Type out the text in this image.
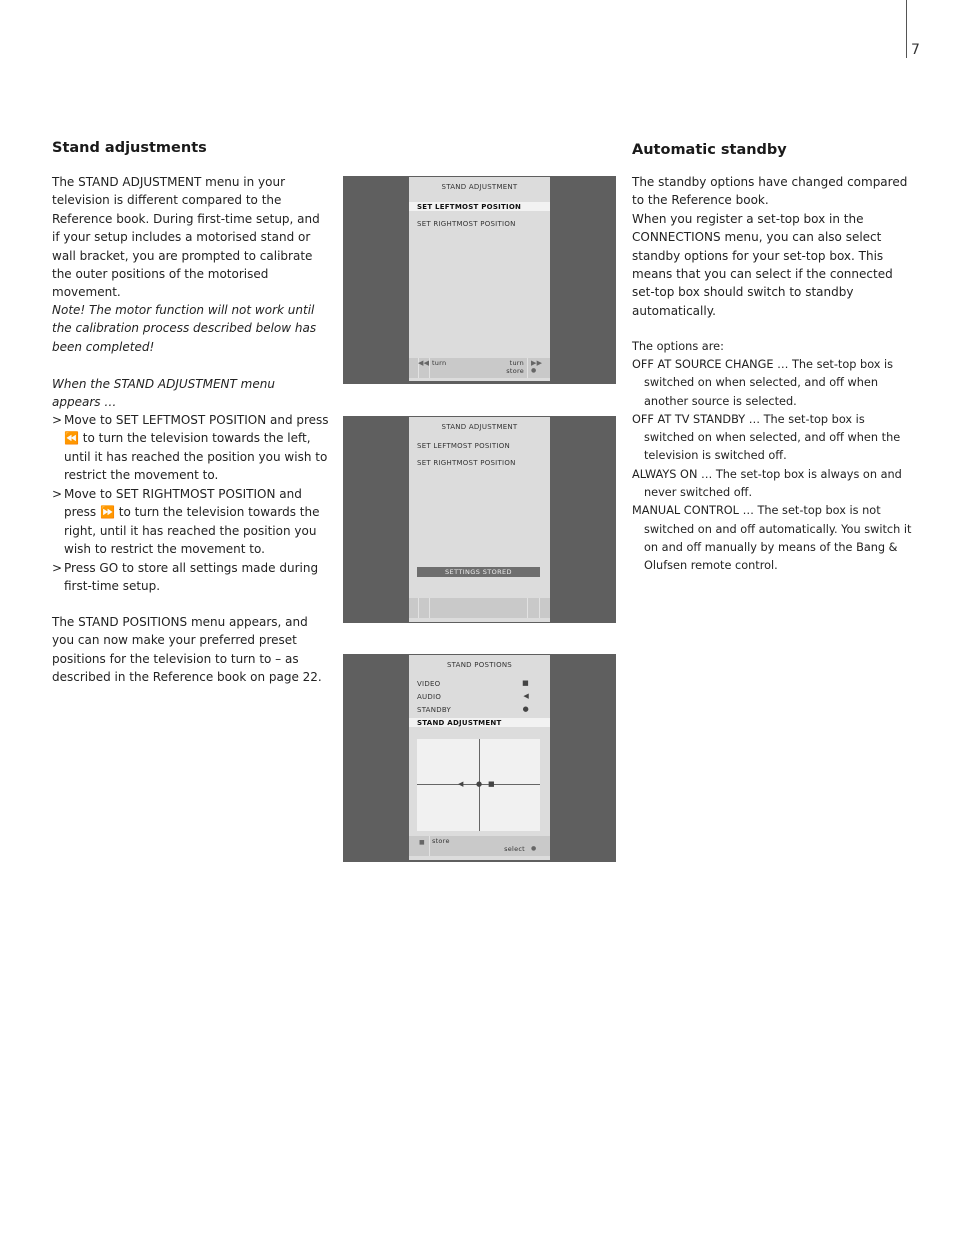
7
Stand adjustments

The STAND ADJUSTMENT menu in your television is different compared to the Reference book. During first-time setup, and if your setup includes a motorised stand or wall bracket, you are prompted to calibrate the outer positions of the motorised movement.

Note! The motor function will not work until the calibration process described below has been completed!

When the STAND ADJUSTMENT menu appears …

> Move to SET LEFTMOST POSITION and press ⏪ to turn the television towards the left, until it has reached the position you wish to restrict the movement to.
> Move to SET RIGHTMOST POSITION and press ⏩ to turn the television towards the right, until it has reached the position you wish to restrict the movement to.
> Press GO to store all settings made during first-time setup.

The STAND POSITIONS menu appears, and you can now make your preferred preset positions for the television to turn to – as described in the Reference book on page 22.

STAND ADJUSTMENT
SET LEFTMOST POSITION
SET RIGHTMOST POSITION
◀◀ turn	turn
store
▶▶
●
STAND ADJUSTMENT
SET LEFTMOST POSITION
SET RIGHTMOST POSITION
SETTINGS STORED
STAND POSTIONS
VIDEO	■
AUDIO	◀
STANDBY	●
STAND ADJUSTMENT
◀ ● ■
■ store
select ●
Automatic standby

The standby options have changed compared to the Reference book.
When you register a set-top box in the CONNECTIONS menu, you can also select standby options for your set-top box. This means that you can select if the connected set-top box should switch to standby automatically.

The options are:

OFF AT SOURCE CHANGE … The set-top box is switched on when selected, and off when another source is selected.
OFF AT TV STANDBY … The set-top box is switched on when selected, and off when the television is switched off.
ALWAYS ON … The set-top box is always on and never switched off.
MANUAL CONTROL … The set-top box is not switched on and off automatically. You switch it on and off manually by means of the Bang & Olufsen remote control.
